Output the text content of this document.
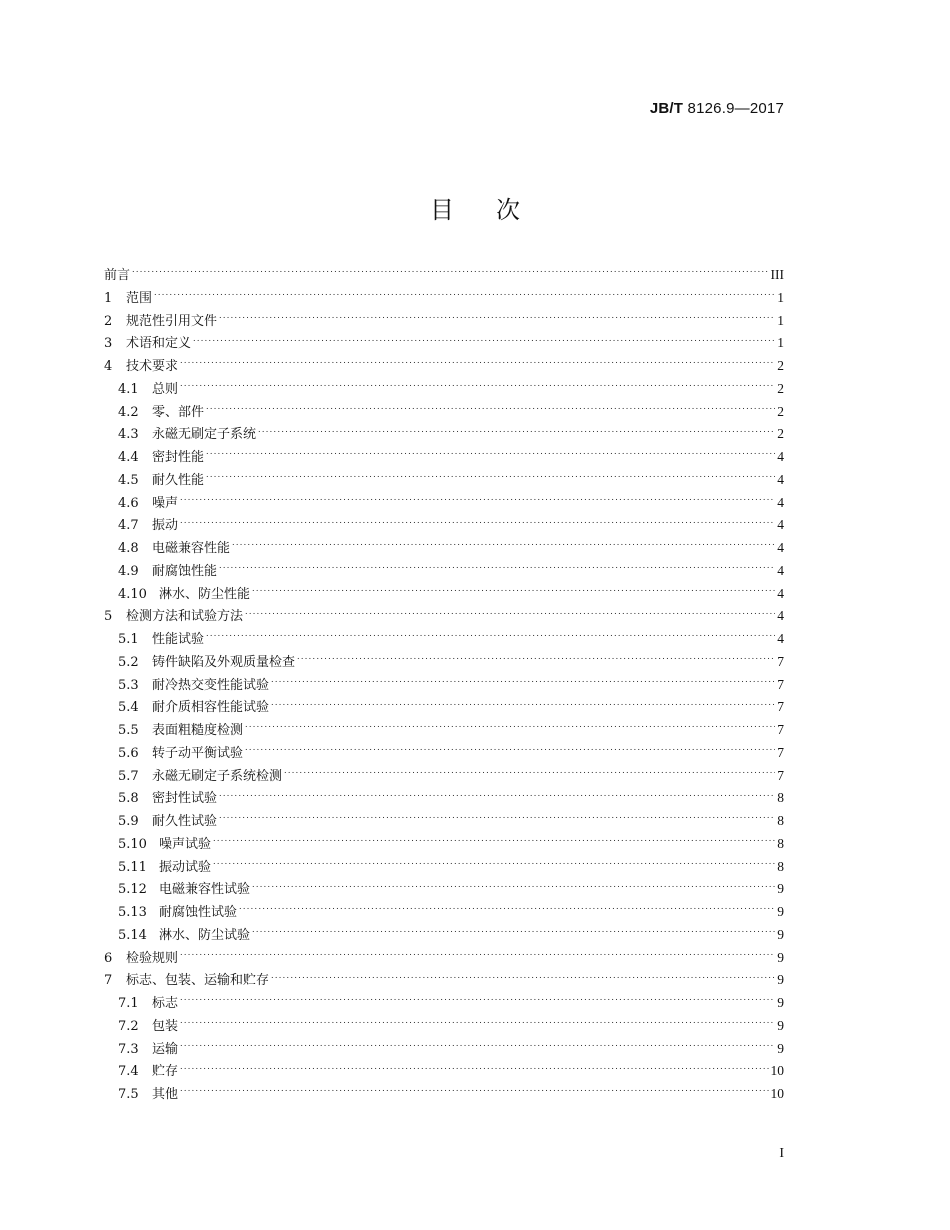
JB/T 8126.9—2017
目次
前言 . . .	III
1	范围 . . .	1
2	规范性引用文件 . . .	1
3	术语和定义 . . .	1
4	技术要求 . . .	2
4.1	总则 . . .	2
4.2	零、部件 . . .	2
4.3	永磁无刷定子系统 . . .	2
4.4	密封性能 . . .	4
4.5	耐久性能 . . .	4
4.6	噪声 . . .	4
4.7	振动 . . .	4
4.8	电磁兼容性能 . . .	4
4.9	耐腐蚀性能 . . .	4
4.10 淋水、防尘性能 . . .	4
5	检测方法和试验方法 . . .	4
5.1	性能试验 . . .	4
5.2	铸件缺陷及外观质量检查 . . .	7
5.3	耐冷热交变性能试验 . . .	7
5.4	耐介质相容性能试验 . . .	7
5.5	表面粗糙度检测 . . .	7
5.6	转子动平衡试验 . . .	7
5.7	永磁无刷定子系统检测 . . .	7
5.8	密封性试验 . . .	8
5.9	耐久性试验 . . .	8
5.10 噪声试验 . . .	8
5.11 振动试验 . . .	8
5.12 电磁兼容性试验 . . .	9
5.13 耐腐蚀性试验 . . .	9
5.14 淋水、防尘试验 . . .	9
6	检验规则 . . .	9
7	标志、包装、运输和贮存 . . .	9
7.1	标志 . . .	9
7.2	包装 . . .	9
7.3	运输 . . .	9
7.4	贮存 . . .	10
7.5	其他 . . .	10
I
